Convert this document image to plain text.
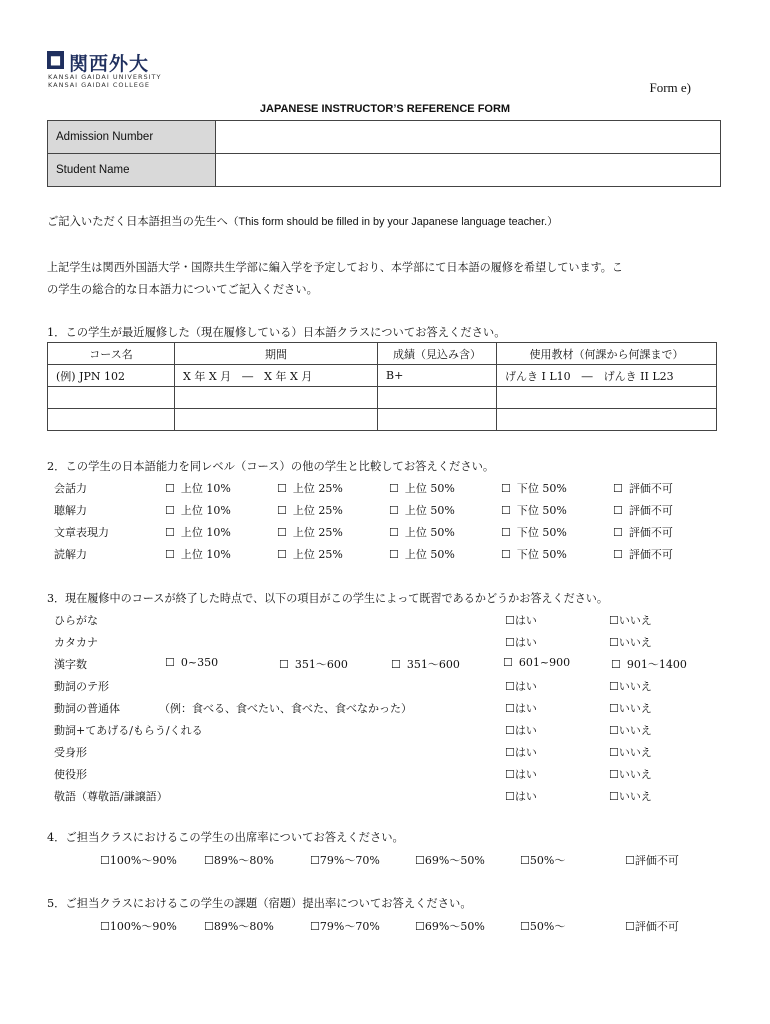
■ 関西外大
KANSAI GAIDAI UNIVERSITY
KANSAI GAIDAI COLLEGE	Form e)
JAPANESE INSTRUCTOR’S REFERENCE FORM
Admission Number	
Student Name	
ご記入いただく日本語担当の先生へ（This form should be filled in by your Japanese language teacher.）
上記学生は関西外国語大学・国際共生学部に編入学を予定しており、本学部にて日本語の履修を希望しています。こ
の学生の総合的な日本語力についてご記入ください。
1．この学生が最近履修した（現在履修している）日本語クラスについてお答えください。
コース名	期間	成績（見込み含）	使用教材（何課から何課まで）
(例) JPN 102	X 年 X 月　―　X 年 X 月	B+	げんき I L10　―　げんき II L23

2．この学生の日本語能力を同レベル（コース）の他の学生と比較してお答えください。
会話力	☐ 上位 10%	☐ 上位 25%	☐ 上位 50%	☐ 下位 50%	☐ 評価不可
聴解力	☐ 上位 10%	☐ 上位 25%	☐ 上位 50%	☐ 下位 50%	☐ 評価不可
文章表現力	☐ 上位 10%	☐ 上位 25%	☐ 上位 50%	☐ 下位 50%	☐ 評価不可
読解力	☐ 上位 10%	☐ 上位 25%	☐ 上位 50%	☐ 下位 50%	☐ 評価不可
3．現在履修中のコースが終了した時点で、以下の項目がこの学生によって既習であるかどうかお答えください。
ひらがな	☐ はい	☐ いいえ
カタカナ	☐ はい	☐ いいえ
漢字数	☐ 0~350	☐ 351～600	☐ 351～600	☐ 601~900	☐ 901～1400
動詞のテ形	☐ はい	☐ いいえ
動詞の普通体	（例：食べる、食べたい、食べた、食べなかった）	☐ はい	☐ いいえ
動詞+てあげる/もらう/くれる	☐ はい	☐ いいえ
受身形	☐ はい	☐ いいえ
使役形	☐ はい	☐ いいえ
敬語（尊敬語/謙譲語）	☐ はい	☐ いいえ
4．ご担当クラスにおけるこの学生の出席率についてお答えください。
☐ 100%～90%	☐ 89%～80%	☐ 79%～70%	☐ 69%～50%	☐ 50%～	☐ 評価不可
5．ご担当クラスにおけるこの学生の課題（宿題）提出率についてお答えください。
☐ 100%～90%	☐ 89%～80%	☐ 79%～70%	☐ 69%～50%	☐ 50%～	☐ 評価不可
